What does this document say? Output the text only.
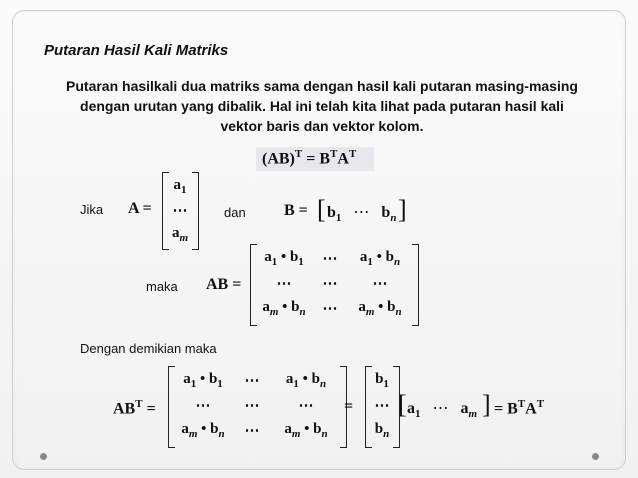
Putaran Hasil Kali Matriks
Putaran hasilkali dua matriks sama dengan hasil kali putaran masing-masing dengan urutan yang dibalik. Hal ini telah kita lihat pada putaran hasil kali vektor baris dan vektor kolom.
$(AB)^T = B^TA^T$
Jika A =
$a_1$
⋯
$a_m$
dan B = [ $b_1$ ⋯   $b_n$ ]
maka AB =
$a_1$ • $b_1$ ⋯ $a_1$ • $b_n$
⋯ ⋯ ⋯
$a_m$ • $b_n$ ⋯ $a_m$ • $b_n$
Dengan demikian maka
$AB^T$ =
$a_1$ • $b_1$ ⋯ $a_1$ • $b_n$
⋯ ⋯	⋯
$a_m$ • $b_n$ ⋯ $a_m$ • $b_n$
=
$b_1$
⋯
$b_n$
[ $a_1$ ⋯   $a_m$ ] = $B^TA^T$
